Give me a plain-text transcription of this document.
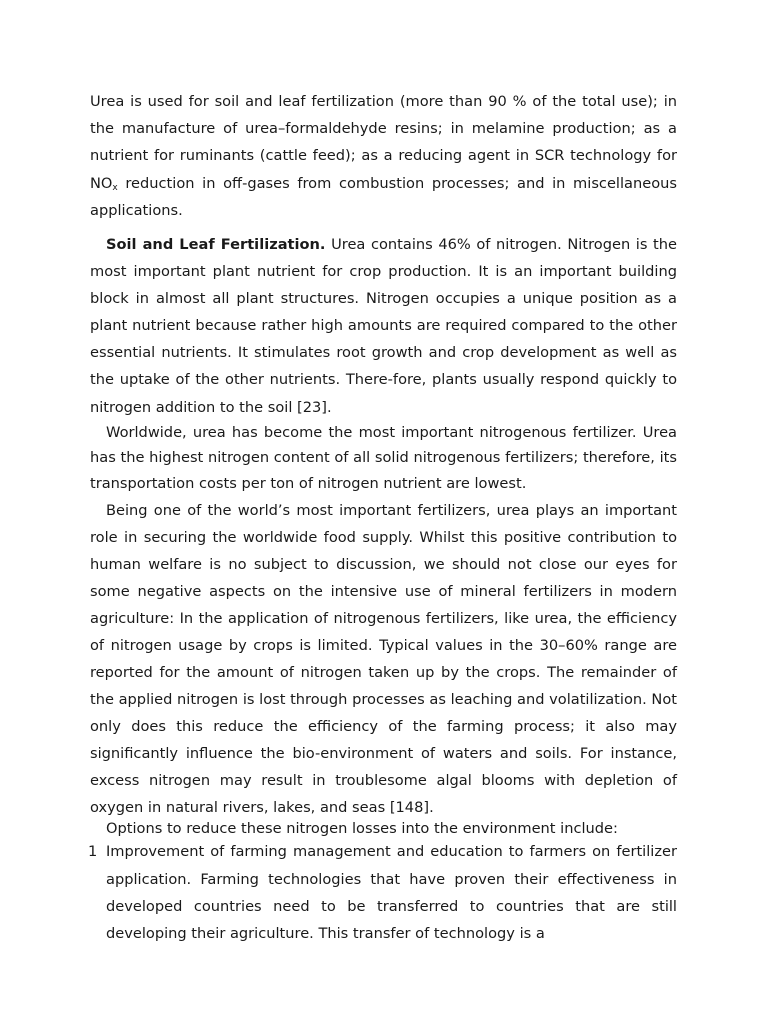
Urea is used for soil and leaf fertilization (more than 90 % of the total use); in the manufacture of urea–formaldehyde resins; in melamine production; as a nutrient for ruminants (cattle feed); as a reducing agent in SCR technology for $NO_x$ reduction in off-gases from combustion processes; and in miscellaneous applications.

Soil and Leaf Fertilization. Urea contains 46% of nitrogen. Nitrogen is the most important plant nutrient for crop production. It is an important building block in almost all plant structures. Nitrogen occupies a unique position as a plant nutrient because rather high amounts are required compared to the other essential nutrients. It stimulates root growth and crop development as well as the uptake of the other nutrients. There-fore, plants usually respond quickly to nitrogen addition to the soil [23].

Worldwide, urea has become the most important nitrogenous fertilizer. Urea has the highest nitrogen content of all solid nitrogenous fertilizers; therefore, its transportation costs per ton of nitrogen nutrient are lowest.

Being one of the world’s most important fertilizers, urea plays an important role in securing the worldwide food supply. Whilst this positive contribution to human welfare is no subject to discussion, we should not close our eyes for some negative aspects on the intensive use of mineral fertilizers in modern agriculture: In the application of nitrogenous fertilizers, like urea, the efficiency of nitrogen usage by crops is limited. Typical values in the 30–60% range are reported for the amount of nitrogen taken up by the crops. The remainder of the applied nitrogen is lost through processes as leaching and volatilization. Not only does this reduce the efficiency of the farming process; it also may significantly influence the bio-environment of waters and soils. For instance, excess nitrogen may result in troublesome algal blooms with depletion of oxygen in natural rivers, lakes, and seas [148].

Options to reduce these nitrogen losses into the environment include:

1 Improvement of farming management and education to farmers on fertilizer application. Farming technologies that have proven their effectiveness in developed countries need to be transferred to countries that are still developing their agriculture. This transfer of technology is a
